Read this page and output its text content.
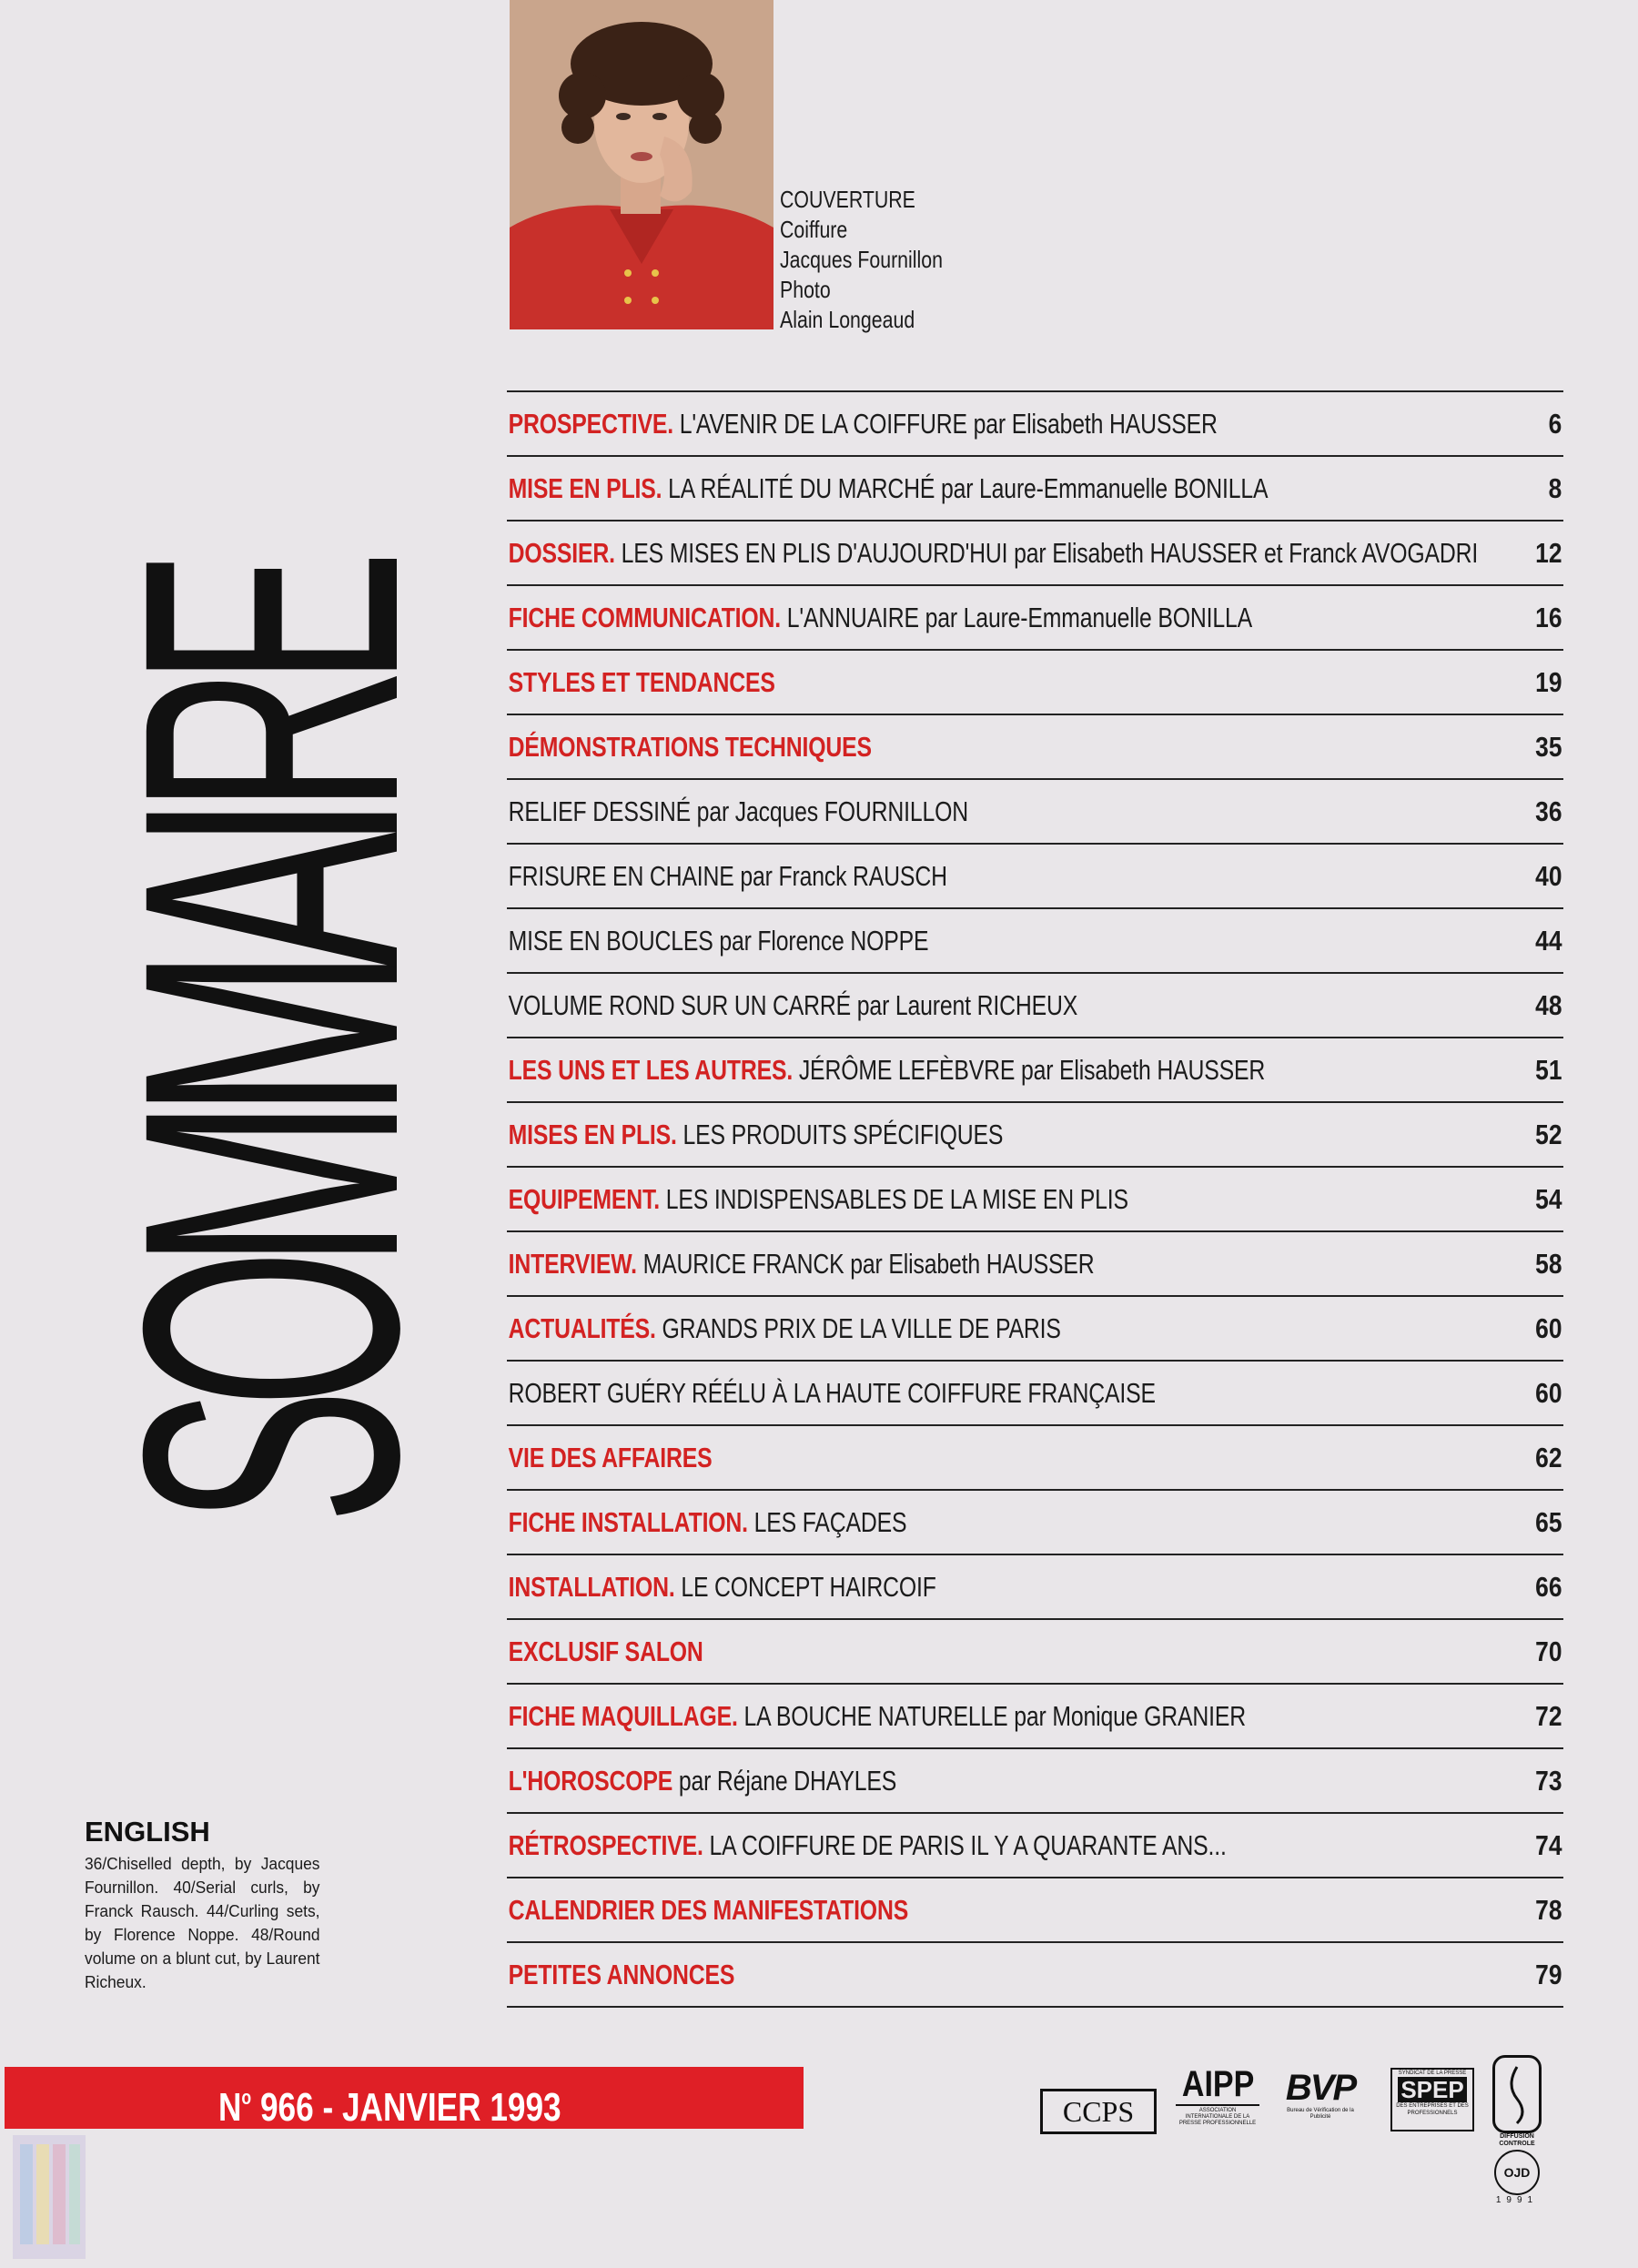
SOMMAIRE
COUVERTURE
Coiffure
Jacques Fournillon
Photo
Alain Longeaud
PROSPECTIVE. L'AVENIR DE LA COIFFURE par Elisabeth HAUSSER	6
MISE EN PLIS. LA RÉALITÉ DU MARCHÉ par Laure-Emmanuelle BONILLA	8
DOSSIER. LES MISES EN PLIS D'AUJOURD'HUI par Elisabeth HAUSSER et Franck AVOGADRI 12
FICHE COMMUNICATION. L'ANNUAIRE par Laure-Emmanuelle BONILLA	16
STYLES ET TENDANCES	19
DÉMONSTRATIONS TECHNIQUES	35
RELIEF DESSINÉ par Jacques FOURNILLON	36
FRISURE EN CHAINE par Franck RAUSCH	40
MISE EN BOUCLES par Florence NOPPE	44
VOLUME ROND SUR UN CARRÉ par Laurent RICHEUX	48
LES UNS ET LES AUTRES. JÉRÔME LEFÈBVRE par Elisabeth HAUSSER	51
MISES EN PLIS. LES PRODUITS SPÉCIFIQUES	52
EQUIPEMENT. LES INDISPENSABLES DE LA MISE EN PLIS	54
INTERVIEW. MAURICE FRANCK par Elisabeth HAUSSER	58
ACTUALITÉS. GRANDS PRIX DE LA VILLE DE PARIS	60
ROBERT GUÉRY RÉÉLU À LA HAUTE COIFFURE FRANÇAISE	60
VIE DES AFFAIRES	62
FICHE INSTALLATION. LES FAÇADES	65
INSTALLATION. LE CONCEPT HAIRCOIF	66
EXCLUSIF SALON	70
FICHE MAQUILLAGE. LA BOUCHE NATURELLE par Monique GRANIER	72
L'HOROSCOPE par Réjane DHAYLES	73
RÉTROSPECTIVE. LA COIFFURE DE PARIS IL Y A QUARANTE ANS...	74
CALENDRIER DES MANIFESTATIONS	78
PETITES ANNONCES	79
ENGLISH
36/Chiselled depth, by Jacques Fournillon. 40/Serial curls, by Franck Rausch. 44/Curling sets, by Florence Noppe. 48/Round volume on a blunt cut, by Laurent Richeux.
$N^o$ 966 - JANVIER 1993	CCPS
AIPP
ASSOCIATION INTERNATIONALE DE LA PRESSE PROFESSIONNELLE
BVP
Bureau de Vérification de la Publicité
SYNDICAT DE LA PRESSE
SPEP
DES ENTREPRISES ET DES PROFESSIONNELS
DIFFUSION CONTROLE
OJD
1991
